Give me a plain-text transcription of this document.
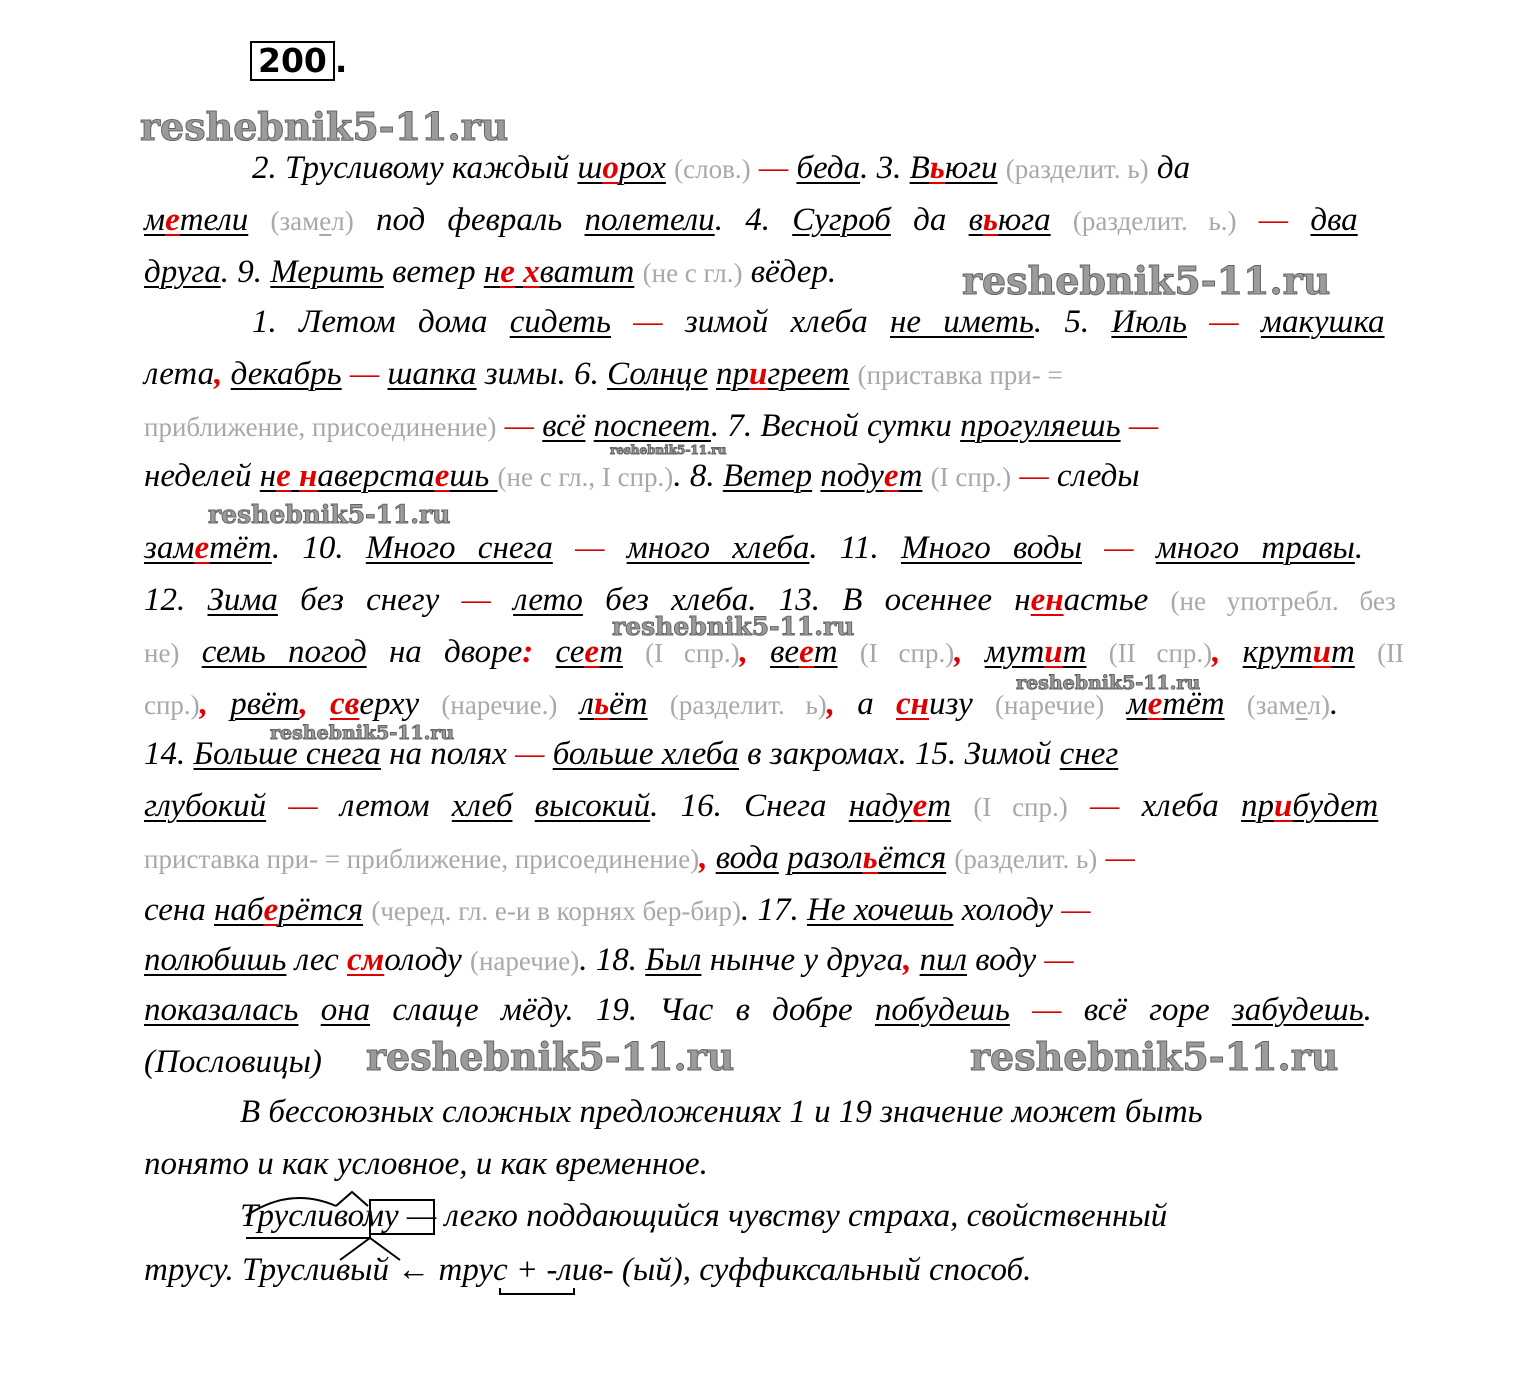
200 .
2. Трусливому каждый шорох (слов.) — беда. 3. Вьюги (разделит. ь) да
метели (замел) под февраль полетели. 4. Сугроб да вьюга (разделит. ь.) — два
друга. 9. Мерить ветер не хватит (не с гл.) вёдер.
1. Летом дома сидеть — зимой хлеба не иметь. 5. Июль — макушка
лета, декабрь — шапка зимы. 6. Солнце пригреет (приставка при- =
приближение, присоединение) — всё поспеет. 7. Весной сутки прогуляешь —
неделей не наверстаешь (не с гл., I спр.). 8. Ветер подует (I спр.) — следы
заметёт. 10. Много снега — много хлеба. 11. Много воды — много травы.
12. Зима без снегу — лето без хлеба. 13. В осеннее ненастье (не употребл. без
не) семь погод на дворе: сеет (I спр.), веет (I спр.), мутит (II спр.), крутит (II
спр.), рвёт, сверху (наречие.) льёт (разделит. ь), а снизу (наречие) метёт (замел).
14. Больше снега на полях — больше хлеба в закромах. 15. Зимой снег
глубокий — летом хлеб высокий. 16. Снега надует (I спр.) — хлеба прибудет
приставка при- = приближение, присоединение), вода разольётся (разделит. ь) —
сена наберётся (черед. гл. е-и в корнях бер-бир). 17. Не хочешь холоду —
полюбишь лес смолоду (наречие). 18. Был нынче у друга, пил воду —
показалась она слаще мёду. 19. Час в добре побудешь — всё горе забудешь.
(Пословицы)
В бессоюзных сложных предложениях 1 и 19 значение может быть
понято и как условное, и как временное.
Трусливому — легко поддающийся чувству страха, свойственный
трусу. Трусливый ← трус + -лив- (ый), суффиксальный способ.
reshebnik5-11.ru
reshebnik5-11.ru
reshebnik5-11.ru
reshebnik5-11.ru
reshebnik5-11.ru
reshebnik5-11.ru
reshebnik5-11.ru
reshebnik5-11.ru	reshebnik5-11.ru
